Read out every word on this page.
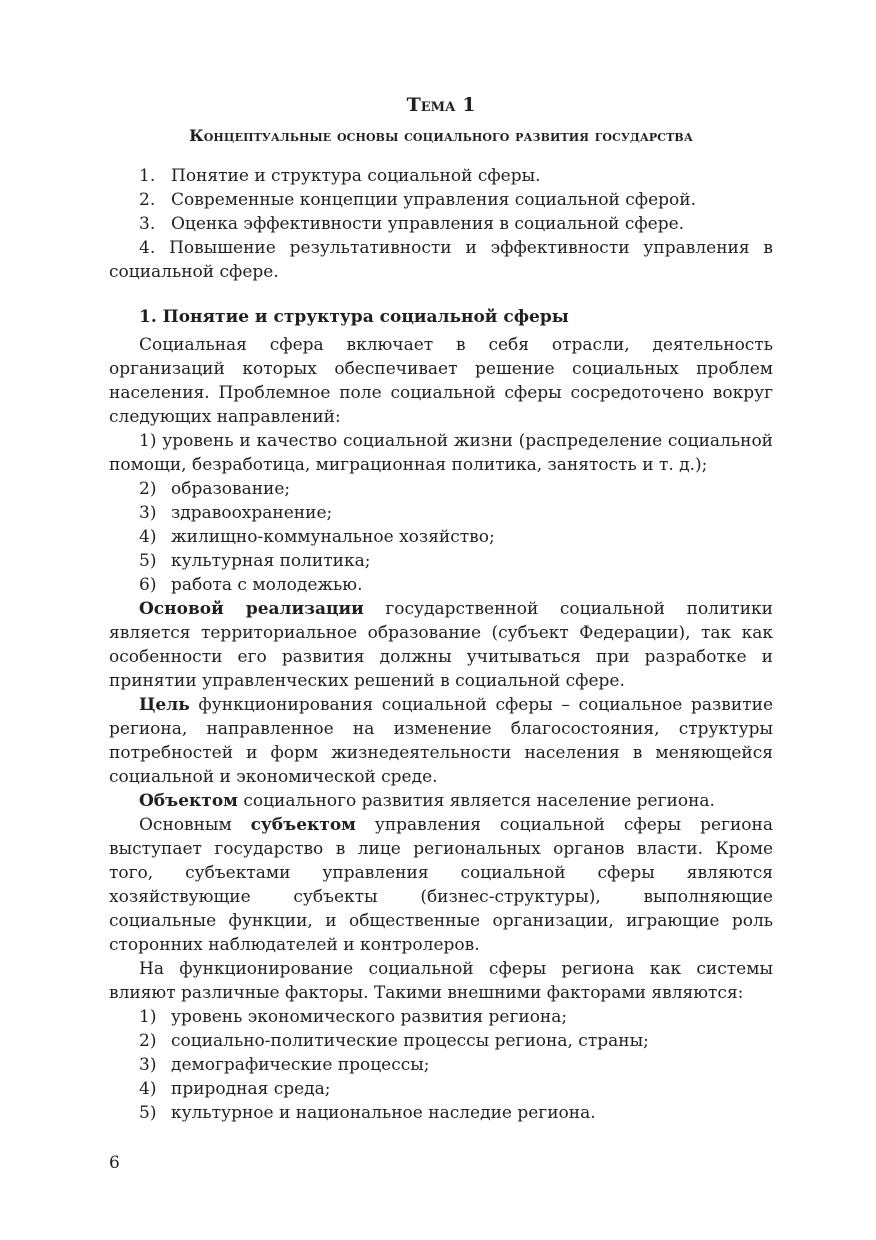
Тема 1
Концептуальные основы социального развития государства

1. Понятие и структура социальной сферы.

2. Современные концепции управления социальной сферой.

3. Оценка эффективности управления в социальной сфере.

4. Повышение результативности и эффективности управления в социальной сфере.

1. Понятие и структура социальной сферы

Социальная сфера включает в себя отрасли, деятельность организаций которых обеспечивает решение социальных проблем населения. Проблемное поле социальной сферы сосредоточено вокруг следующих направлений:

1) уровень и качество социальной жизни (распределение социальной помощи, безработица, миграционная политика, занятость и т. д.);

2) образование;

3) здравоохранение;

4) жилищно-коммунальное хозяйство;

5) культурная политика;

6) работа с молодежью.

Основой реализации государственной социальной политики является территориальное образование (субъект Федерации), так как особенности его развития должны учитываться при разработке и принятии управленческих решений в социальной сфере.

Цель функционирования социальной сферы – социальное развитие региона, направленное на изменение благосостояния, структуры потребностей и форм жизнедеятельности населения в меняющейся социальной и экономической среде.

Объектом социального развития является население региона.

Основным субъектом управления социальной сферы региона выступает государство в лице региональных органов власти. Кроме того, субъектами управления социальной сферы являются хозяйствующие субъекты (бизнес-структуры), выполняющие социальные функции, и общественные организации, играющие роль сторонних наблюдателей и контролеров.

На функционирование социальной сферы региона как системы влияют различные факторы. Такими внешними факторами являются:

1) уровень экономического развития региона;

2) социально-политические процессы региона, страны;

3) демографические процессы;

4) природная среда;

5) культурное и национальное наследие региона.

6
